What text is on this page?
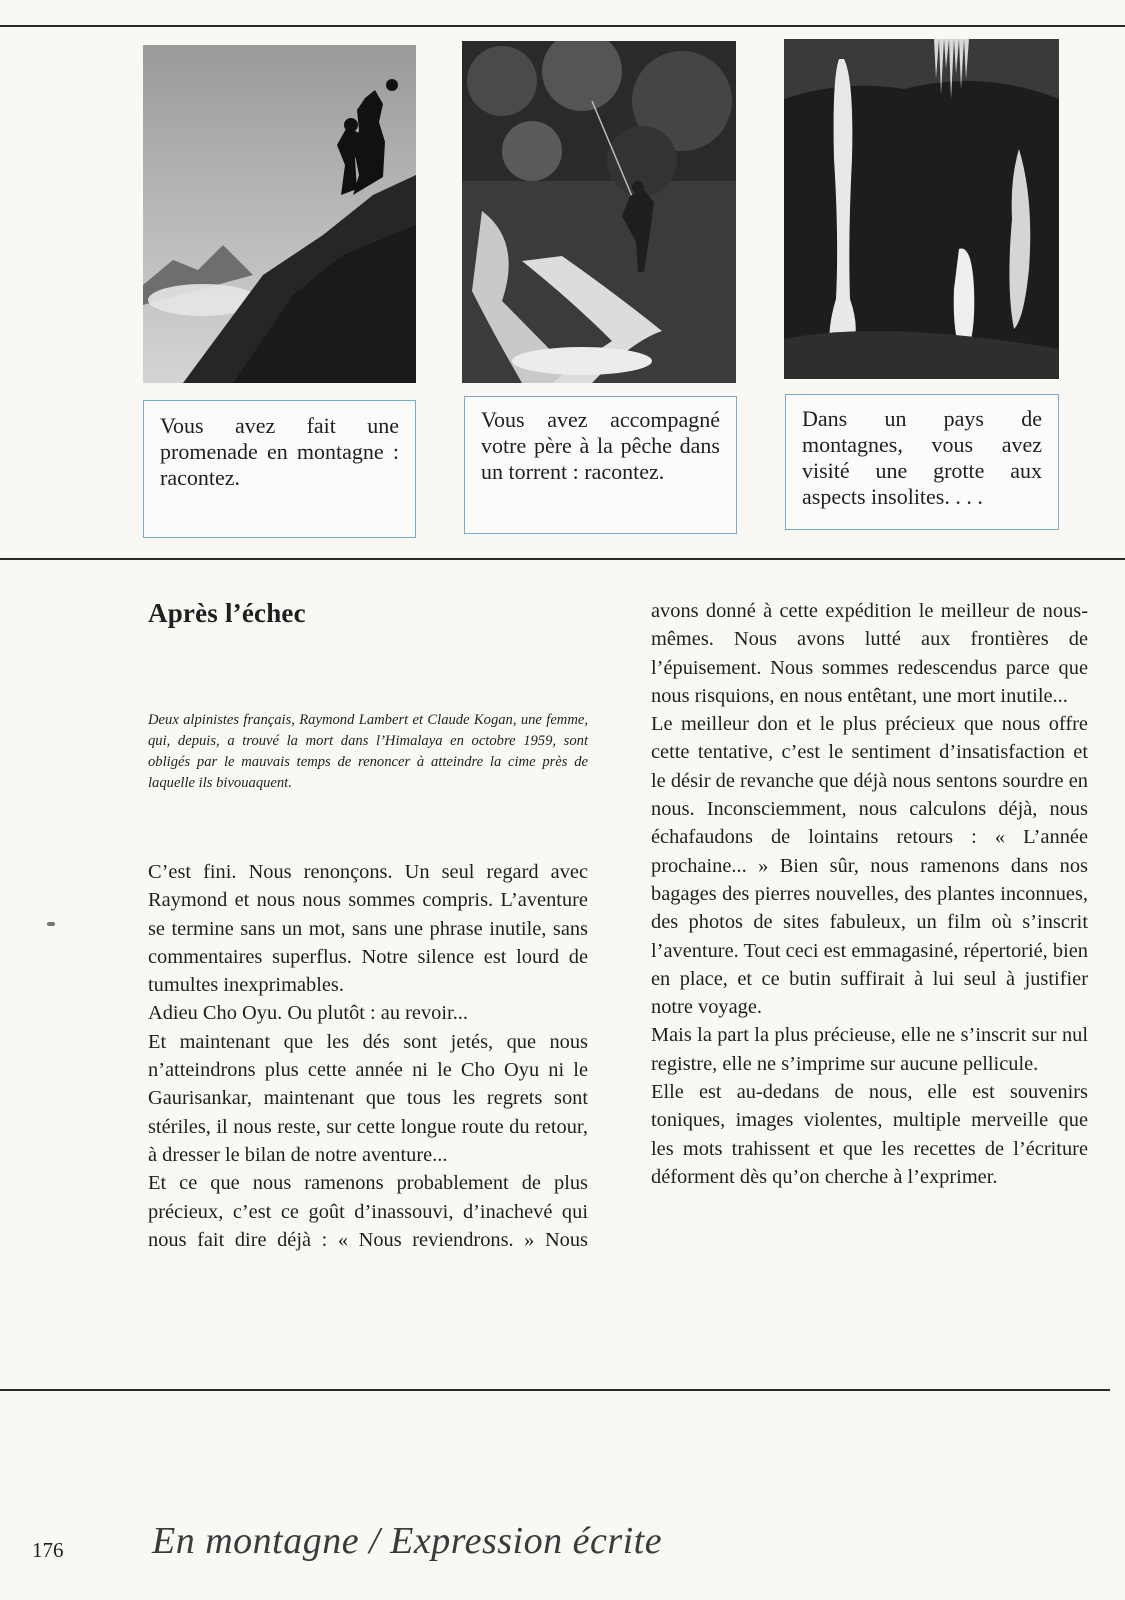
Vous avez fait une promenade en montagne : racontez.
Vous avez accompagné votre père à la pêche dans un torrent : racontez.
Dans un pays de montagnes, vous avez visité une grotte aux aspects insolites. . . .
Après l’échec
Deux alpinistes français, Raymond Lambert et Claude Kogan, une femme, qui, depuis, a trouvé la mort dans l’Himalaya en octobre 1959, sont obligés par le mauvais temps de renoncer à atteindre la cime près de laquelle ils bivouaquent.

C’est fini. Nous renonçons. Un seul regard avec Raymond et nous nous sommes compris. L’aventure se termine sans un mot, sans une phrase inutile, sans commentaires superflus. Notre silence est lourd de tumultes inexprimables.

Adieu Cho Oyu. Ou plutôt : au revoir...

Et maintenant que les dés sont jetés, que nous n’atteindrons plus cette année ni le Cho Oyu ni le Gaurisankar, maintenant que tous les regrets sont stériles, il nous reste, sur cette longue route du retour, à dresser le bilan de notre aventure...

Et ce que nous ramenons probablement de plus précieux, c’est ce goût d’inassouvi, d’inachevé qui nous fait dire déjà : « Nous reviendrons. » Nous

avons donné à cette expédition le meilleur de nous-mêmes. Nous avons lutté aux frontières de l’épuisement. Nous sommes redescendus parce que nous risquions, en nous entêtant, une mort inutile...

Le meilleur don et le plus précieux que nous offre cette tentative, c’est le sentiment d’insatisfaction et le désir de revanche que déjà nous sentons sourdre en nous. Inconsciemment, nous calculons déjà, nous échafaudons de lointains retours : « L’année prochaine... » Bien sûr, nous ramenons dans nos bagages des pierres nouvelles, des plantes inconnues, des photos de sites fabuleux, un film où s’inscrit l’aventure. Tout ceci est emmagasiné, répertorié, bien en place, et ce butin suffirait à lui seul à justifier notre voyage.

Mais la part la plus précieuse, elle ne s’inscrit sur nul registre, elle ne s’imprime sur aucune pellicule.

Elle est au-dedans de nous, elle est souvenirs toniques, images violentes, multiple merveille que les mots trahissent et que les recettes de l’écriture déforment dès qu’on cherche à l’exprimer.

176 En montagne / Expression écrite
